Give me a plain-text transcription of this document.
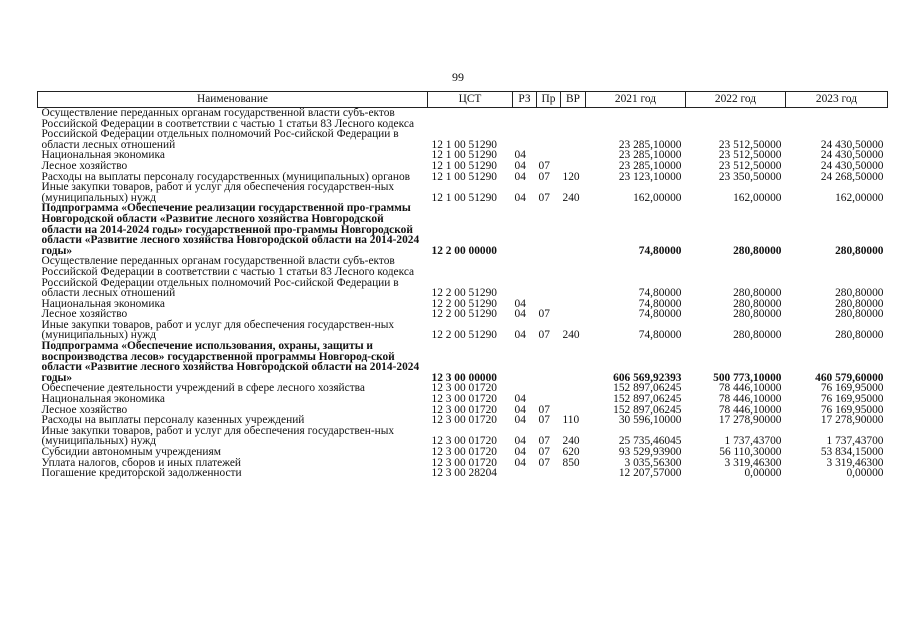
99
Наименование	ЦСТ	РЗ	Пр	ВР	2021 год	2022 год	2023 год
Осуществление переданных органам государственной власти субъ-ектов Российской Федерации в соответствии с частью 1 статьи 83 Лесного кодекса Российской Федерации отдельных полномочий Рос-сийской Федерации в области лесных отношений	12 1 00 51290				23 285,10000	23 512,50000	24 430,50000
Национальная экономика	12 1 00 51290	04			23 285,10000	23 512,50000	24 430,50000
Лесное хозяйство	12 1 00 51290	04	07		23 285,10000	23 512,50000	24 430,50000
Расходы на выплаты персоналу государственных (муниципальных) органов	12 1 00 51290	04	07	120	23 123,10000	23 350,50000	24 268,50000
Иные закупки товаров, работ и услуг для обеспечения государствен-ных (муниципальных) нужд	12 1 00 51290	04	07	240	162,00000	162,00000	162,00000
Подпрограмма «Обеспечение реализации государственной про-граммы Новгородской области «Развитие лесного хозяйства Новгородской области на 2014-2024 годы» государственной про-граммы Новгородской области «Развитие лесного хозяйства Новгородской области на 2014-2024 годы»	12 2 00 00000				74,80000	280,80000	280,80000
Осуществление переданных органам государственной власти субъ-ектов Российской Федерации в соответствии с частью 1 статьи 83 Лесного кодекса Российской Федерации отдельных полномочий Рос-сийской Федерации в области лесных отношений	12 2 00 51290				74,80000	280,80000	280,80000
Национальная экономика	12 2 00 51290	04			74,80000	280,80000	280,80000
Лесное хозяйство	12 2 00 51290	04	07		74,80000	280,80000	280,80000
Иные закупки товаров, работ и услуг для обеспечения государствен-ных (муниципальных) нужд	12 2 00 51290	04	07	240	74,80000	280,80000	280,80000
Подпрограмма «Обеспечение использования, охраны, защиты и воспроизводства лесов» государственной программы Новгород-ской области «Развитие лесного хозяйства Новгородской области на 2014-2024 годы»	12 3 00 00000				606 569,92393	500 773,10000	460 579,60000
Обеспечение деятельности учреждений в сфере лесного хозяйства	12 3 00 01720				152 897,06245	78 446,10000	76 169,95000
Национальная экономика	12 3 00 01720	04			152 897,06245	78 446,10000	76 169,95000
Лесное хозяйство	12 3 00 01720	04	07		152 897,06245	78 446,10000	76 169,95000
Расходы на выплаты персоналу казенных учреждений	12 3 00 01720	04	07	110	30 596,10000	17 278,90000	17 278,90000
Иные закупки товаров, работ и услуг для обеспечения государствен-ных (муниципальных) нужд	12 3 00 01720	04	07	240	25 735,46045	1 737,43700	1 737,43700
Субсидии автономным учреждениям	12 3 00 01720	04	07	620	93 529,93900	56 110,30000	53 834,15000
Уплата налогов, сборов и иных платежей	12 3 00 01720	04	07	850	3 035,56300	3 319,46300	3 319,46300
Погашение кредиторской задолженности	12 3 00 28204				12 207,57000	0,00000	0,00000
